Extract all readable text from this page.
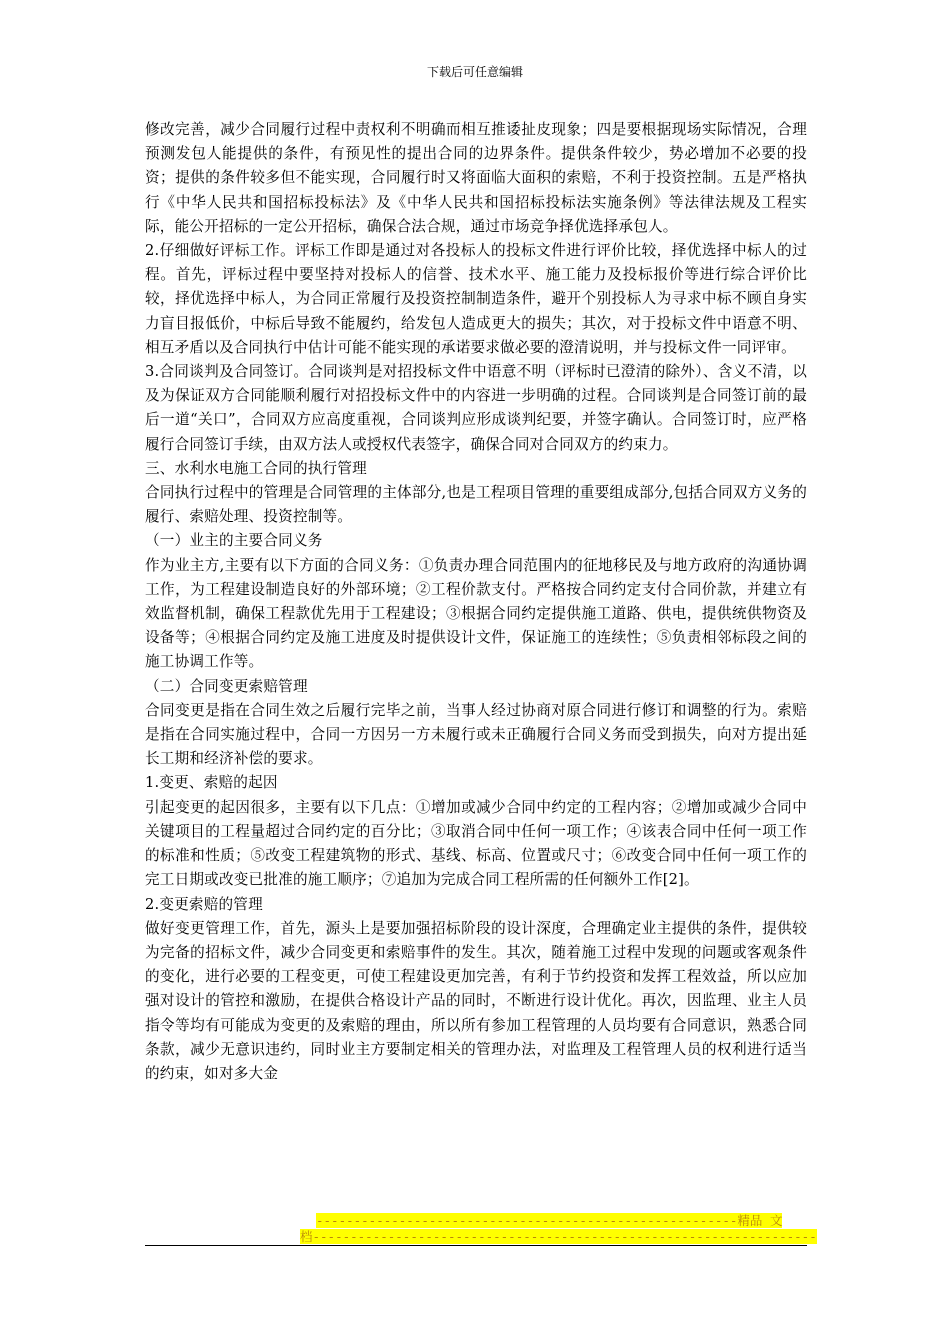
下载后可任意编辑

修改完善，减少合同履行过程中责权利不明确而相互推诿扯皮现象；四是要根据现场实际情况，合理预测发包人能提供的条件，有预见性的提出合同的边界条件。提供条件较少，势必增加不必要的投资；提供的条件较多但不能实现，合同履行时又将面临大面积的索赔，不利于投资控制。五是严格执行《中华人民共和国招标投标法》及《中华人民共和国招标投标法实施条例》等法律法规及工程实际，能公开招标的一定公开招标，确保合法合规，通过市场竞争择优选择承包人。

2.仔细做好评标工作。评标工作即是通过对各投标人的投标文件进行评价比较，择优选择中标人的过程。首先，评标过程中要坚持对投标人的信誉、技术水平、施工能力及投标报价等进行综合评价比较，择优选择中标人，为合同正常履行及投资控制制造条件，避开个别投标人为寻求中标不顾自身实力盲目报低价，中标后导致不能履约，给发包人造成更大的损失；其次，对于投标文件中语意不明、相互矛盾以及合同执行中估计可能不能实现的承诺要求做必要的澄清说明，并与投标文件一同评审。

3.合同谈判及合同签订。合同谈判是对招投标文件中语意不明（评标时已澄清的除外）、含义不清，以及为保证双方合同能顺利履行对招投标文件中的内容进一步明确的过程。合同谈判是合同签订前的最后一道“关口”，合同双方应高度重视，合同谈判应形成谈判纪要，并签字确认。合同签订时，应严格履行合同签订手续，由双方法人或授权代表签字，确保合同对合同双方的约束力。

三、水利水电施工合同的执行管理

合同执行过程中的管理是合同管理的主体部分,也是工程项目管理的重要组成部分,包括合同双方义务的履行、索赔处理、投资控制等。

（一）业主的主要合同义务

作为业主方,主要有以下方面的合同义务：①负责办理合同范围内的征地移民及与地方政府的沟通协调工作，为工程建设制造良好的外部环境；②工程价款支付。严格按合同约定支付合同价款，并建立有效监督机制，确保工程款优先用于工程建设；③根据合同约定提供施工道路、供电，提供统供物资及设备等；④根据合同约定及施工进度及时提供设计文件，保证施工的连续性；⑤负责相邻标段之间的施工协调工作等。

（二）合同变更索赔管理

合同变更是指在合同生效之后履行完毕之前，当事人经过协商对原合同进行修订和调整的行为。索赔是指在合同实施过程中，合同一方因另一方未履行或未正确履行合同义务而受到损失，向对方提出延长工期和经济补偿的要求。

1.变更、索赔的起因

引起变更的起因很多，主要有以下几点：①增加或减少合同中约定的工程内容；②增加或减少合同中关键项目的工程量超过合同约定的百分比；③取消合同中任何一项工作；④该表合同中任何一项工作的标准和性质；⑤改变工程建筑物的形式、基线、标高、位置或尺寸；⑥改变合同中任何一项工作的完工日期或改变已批准的施工顺序；⑦追加为完成合同工程所需的任何额外工作[2]。

2.变更索赔的管理

做好变更管理工作，首先，源头上是要加强招标阶段的设计深度，合理确定业主提供的条件，提供较为完备的招标文件，减少合同变更和索赔事件的发生。其次，随着施工过程中发现的问题或客观条件的变化，进行必要的工程变更，可使工程建设更加完善，有利于节约投资和发挥工程效益，所以应加强对设计的管控和激励，在提供合格设计产品的同时，不断进行设计优化。再次，因监理、业主人员指令等均有可能成为变更的及索赔的理由，所以所有参加工程管理的人员均要有合同意识，熟悉合同条款，减少无意识违约，同时业主方要制定相关的管理办法，对监理及工程管理人员的权利进行适当的约束，如对多大金

--------------------------------------------------------精品 文
档-------------------------------------------------------------------
